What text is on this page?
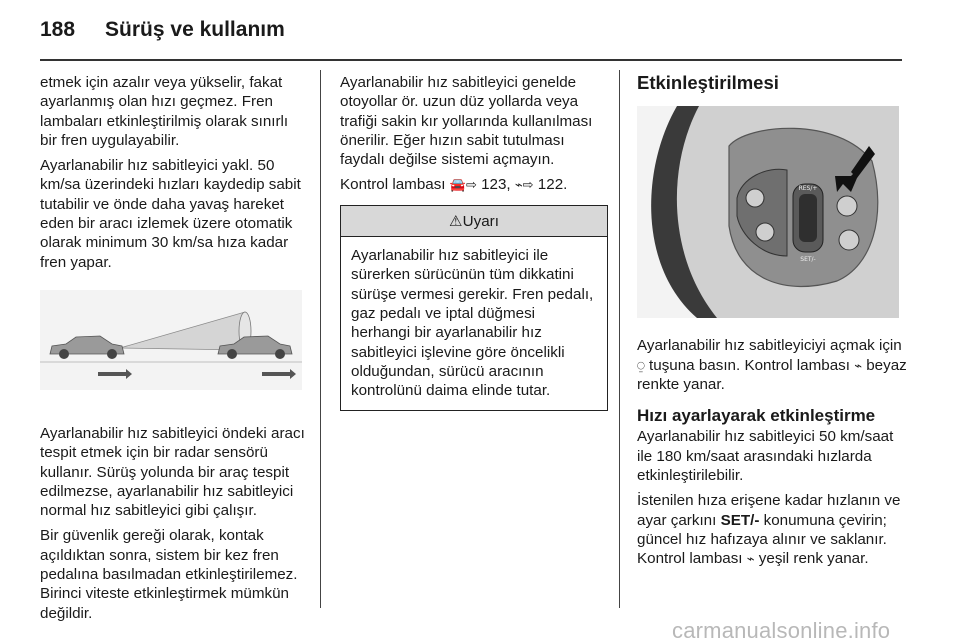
188 Sürüş ve kullanım

etmek için azalır veya yükselir, fakat ayarlanmış olan hızı geçmez. Fren lambaları etkinleştirilmiş olarak sınırlı bir fren uygulayabilir.

Ayarlanabilir hız sabitleyici yakl. 50 km/sa üzerindeki hızları kaydedip sabit tutabilir ve önde daha yavaş hareket eden bir aracı izlemek üzere otomatik olarak minimum 30 km/sa hıza kadar fren yapar.

Ayarlanabilir hız sabitleyici öndeki aracı tespit etmek için bir radar sensörü kullanır. Sürüş yolunda bir araç tespit edilmezse, ayarlanabilir hız sabitleyici normal hız sabitleyici gibi çalışır.

Bir güvenlik gereği olarak, kontak açıldıktan sonra, sistem bir kez fren pedalına basılmadan etkinleştirilemez. Birinci viteste etkinleştirmek mümkün değildir.

Ayarlanabilir hız sabitleyici genelde otoyollar ör. uzun düz yollarda veya trafiği sakin kır yollarında kullanılması önerilir. Eğer hızın sabit tutulması faydalı değilse sistemi açmayın.

Kontrol lambası 🚘⇨ 123, ⌁⇨ 122.

⚠Uyarı
Ayarlanabilir hız sabitleyici ile sürerken sürücünün tüm dikkatini sürüşe vermesi gerekir. Fren pedalı, gaz pedalı ve iptal düğmesi herhangi bir ayarlanabilir hız sabitleyici işlevine göre öncelikli olduğundan, sürücü aracının kontrolünü daima elinde tutar.
Etkinleştirilmesi
RES/+
SET/-

Ayarlanabilir hız sabitleyiciyi açmak için ⍜ tuşuna basın. Kontrol lambası ⌁ beyaz renkte yanar.

Hızı ayarlayarak etkinleştirme

Ayarlanabilir hız sabitleyici 50 km/saat ile 180 km/saat arasındaki hızlarda etkinleştirilebilir.

İstenilen hıza erişene kadar hızlanın ve ayar çarkını SET/- konumuna çevirin; güncel hız hafızaya alınır ve saklanır. Kontrol lambası ⌁ yeşil renk yanar.

carmanualsonline.info
